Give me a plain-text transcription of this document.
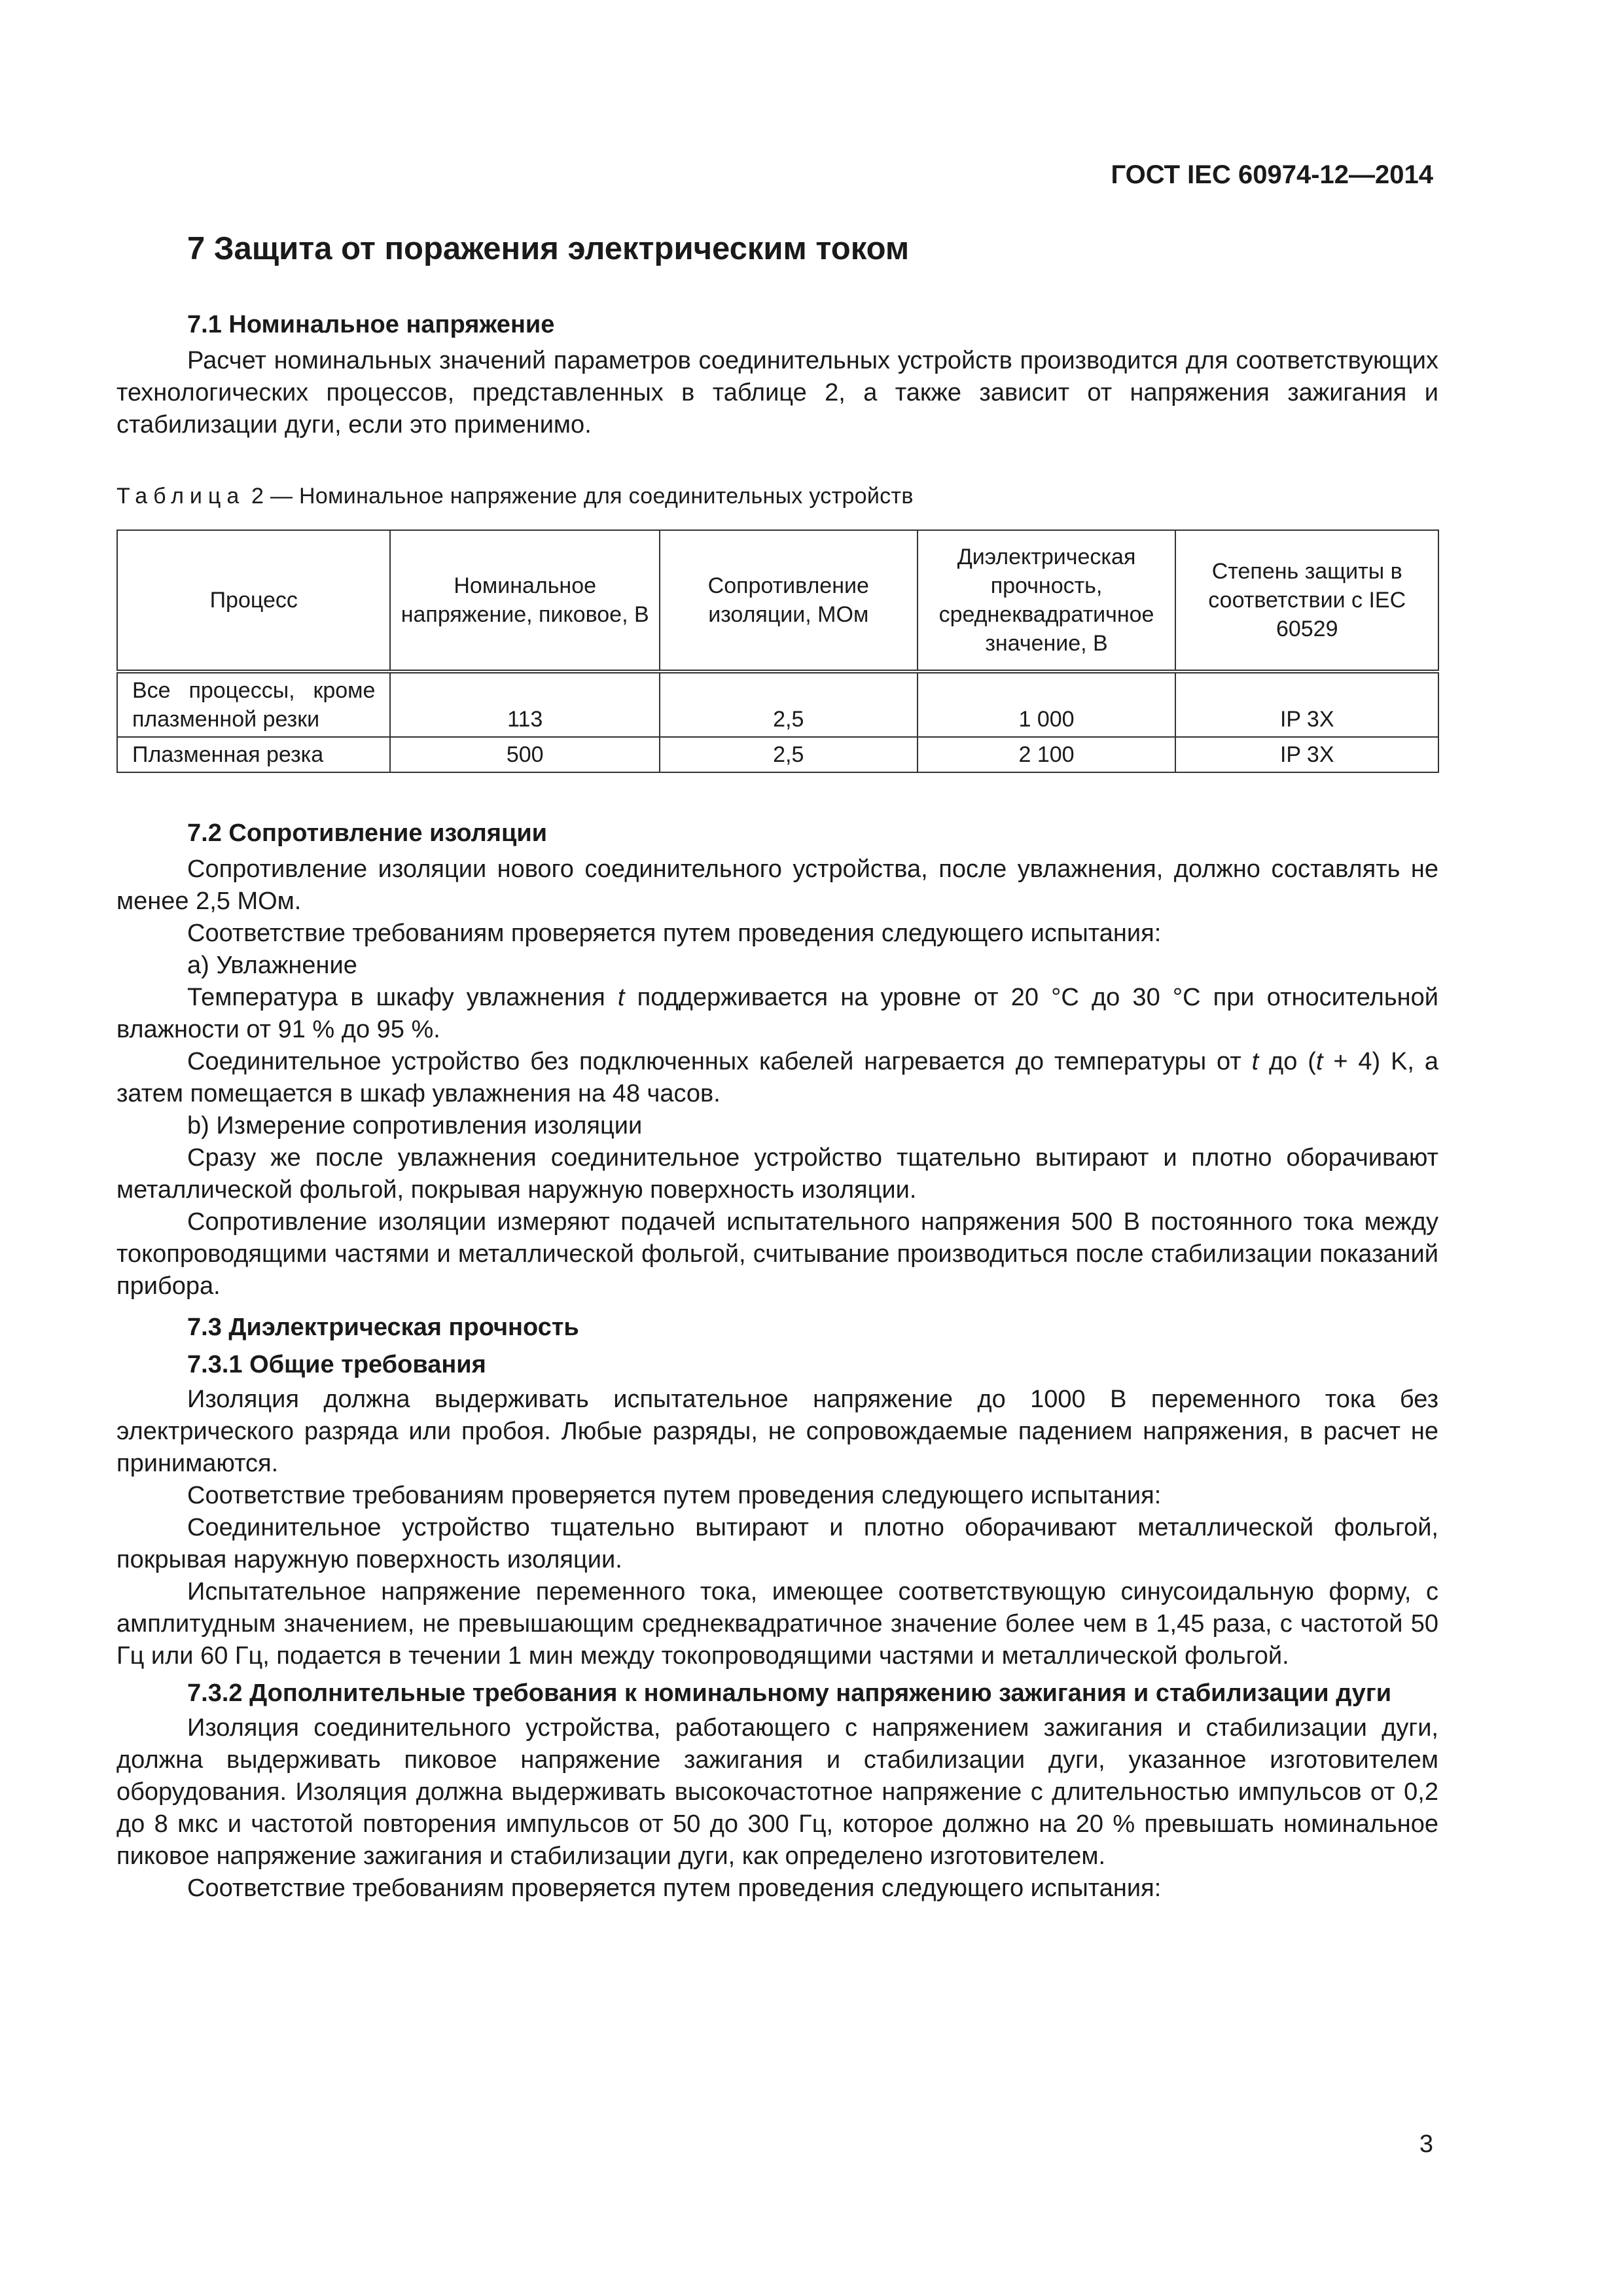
ГОСТ IEC 60974-12—2014
7 Защита от поражения электрическим током
7.1 Номинальное напряжение

Расчет номинальных значений параметров соединительных устройств производится для соответствующих технологических процессов, представленных в таблице 2, а также зависит от напряжения зажигания и стабилизации дуги, если это применимо.

Таблица 2 — Номинальное напряжение для соединительных устройств
Процесс	Номинальное напряжение, пиковое, В	Сопротивление изоляции, МОм	Диэлектрическая прочность, среднеквадратичное значение, В	Степень защиты в соответствии с IEC 60529

Все процессы, кроме
плазменной резки	113	2,5	1 000	IP 3X

Плазменная резка	500	2,5	2 100	IP 3X
7.2 Сопротивление изоляции

Сопротивление изоляции нового соединительного устройства, после увлажнения, должно составлять не менее 2,5 МОм.

Соответствие требованиям проверяется путем проведения следующего испытания:

a) Увлажнение

Температура в шкафу увлажнения t поддерживается на уровне от 20 °С до 30 °С при относительной влажности от 91 % до 95 %.

Соединительное устройство без подключенных кабелей нагревается до температуры от t до (t + 4) K, а затем помещается в шкаф увлажнения на 48 часов.

b) Измерение сопротивления изоляции

Сразу же после увлажнения соединительное устройство тщательно вытирают и плотно оборачивают металлической фольгой, покрывая наружную поверхность изоляции.

Сопротивление изоляции измеряют подачей испытательного напряжения 500 В постоянного тока между токопроводящими частями и металлической фольгой, считывание производиться после стабилизации показаний прибора.

7.3 Диэлектрическая прочность
7.3.1 Общие требования

Изоляция должна выдерживать испытательное напряжение до 1000 В переменного тока без электрического разряда или пробоя. Любые разряды, не сопровождаемые падением напряжения, в расчет не принимаются.

Соответствие требованиям проверяется путем проведения следующего испытания:

Соединительное устройство тщательно вытирают и плотно оборачивают металлической фольгой, покрывая наружную поверхность изоляции.

Испытательное напряжение переменного тока, имеющее соответствующую синусоидальную форму, с амплитудным значением, не превышающим среднеквадратичное значение более чем в 1,45 раза, с частотой 50 Гц или 60 Гц, подается в течении 1 мин между токопроводящими частями и металлической фольгой.

7.3.2 Дополнительные требования к номинальному напряжению зажигания и стабилизации дуги

Изоляция соединительного устройства, работающего с напряжением зажигания и стабилизации дуги, должна выдерживать пиковое напряжение зажигания и стабилизации дуги, указанное изготовителем оборудования. Изоляция должна выдерживать высокочастотное напряжение с длительностью импульсов от 0,2 до 8 мкс и частотой повторения импульсов от 50 до 300 Гц, которое должно на 20 % превышать номинальное пиковое напряжение зажигания и стабилизации дуги, как определено изготовителем.

Соответствие требованиям проверяется путем проведения следующего испытания:

3
